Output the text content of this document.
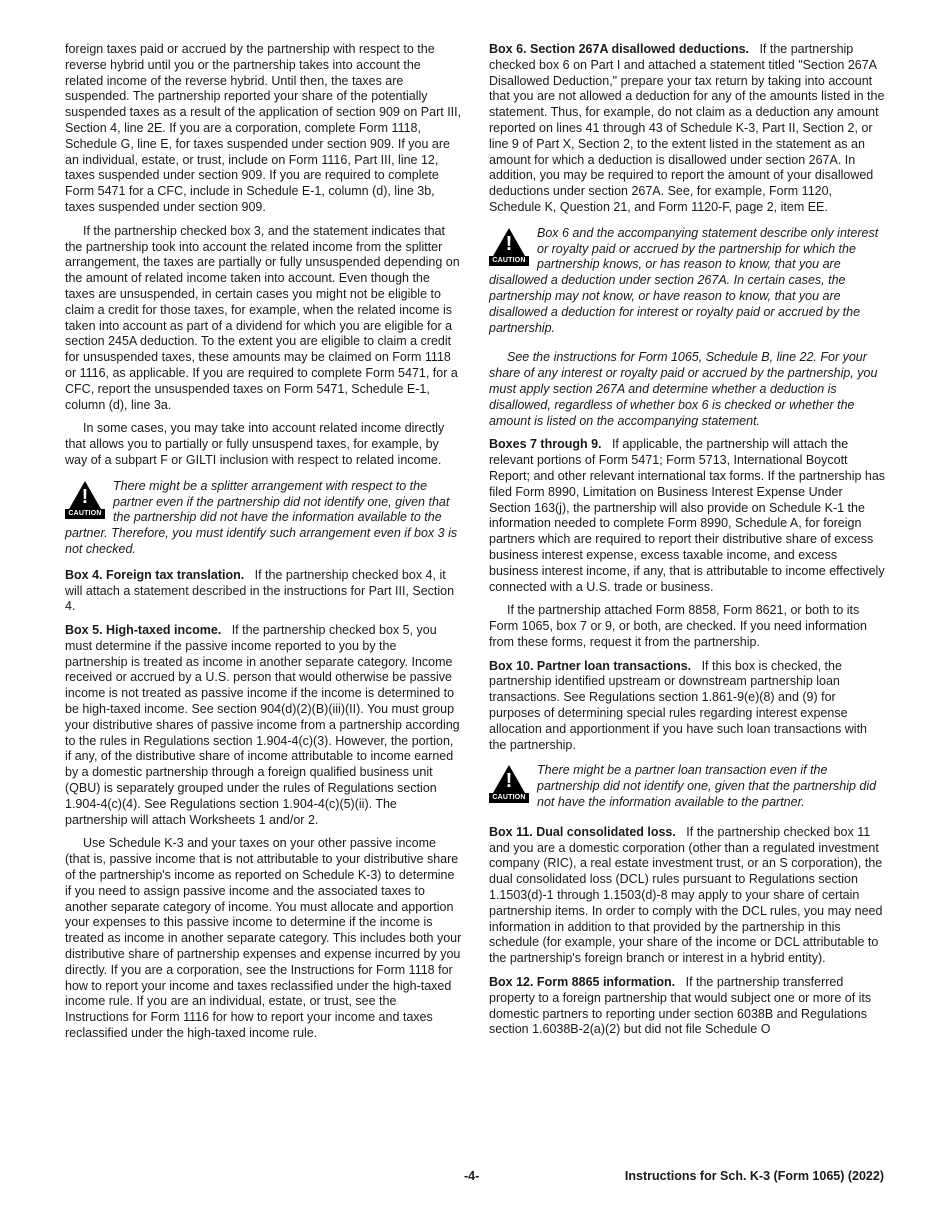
foreign taxes paid or accrued by the partnership with respect to the reverse hybrid until you or the partnership takes into account the related income of the reverse hybrid. Until then, the taxes are suspended. The partnership reported your share of the potentially suspended taxes as a result of the application of section 909 on Part III, Section 4, line 2E. If you are a corporation, complete Form 1118, Schedule G, line E, for taxes suspended under section 909. If you are an individual, estate, or trust, include on Form 1116, Part III, line 12, taxes suspended under section 909. If you are required to complete Form 5471 for a CFC, include in Schedule E-1, column (d), line 3b, taxes suspended under section 909.

If the partnership checked box 3, and the statement indicates that the partnership took into account the related income from the splitter arrangement, the taxes are partially or fully unsuspended depending on the amount of related income taken into account. Even though the taxes are unsuspended, in certain cases you might not be eligible to claim a credit for those taxes, for example, when the related income is taken into account as part of a dividend for which you are eligible for a section 245A deduction. To the extent you are eligible to claim a credit for unsuspended taxes, these amounts may be claimed on Form 1118 or 1116, as applicable. If you are required to complete Form 5471, for a CFC, report the unsuspended taxes on Form 5471, Schedule E-1, column (d), line 3a.

In some cases, you may take into account related income directly that allows you to partially or fully unsuspend taxes, for example, by way of a subpart F or GILTI inclusion with respect to related income.

!
CAUTION
There might be a splitter arrangement with respect to the partner even if the partnership did not identify one, given that the partnership did not have the information available to the partner. Therefore, you must identify such arrangement even if box 3 is not checked.

Box 4. Foreign tax translation. If the partnership checked box 4, it will attach a statement described in the instructions for Part III, Section 4.

Box 5. High-taxed income. If the partnership checked box 5, you must determine if the passive income reported to you by the partnership is treated as income in another separate category. Income received or accrued by a U.S. person that would otherwise be passive income is not treated as passive income if the income is determined to be high-taxed income. See section 904(d)(2)(B)(iii)(II). You must group your distributive shares of passive income from a partnership according to the rules in Regulations section 1.904-4(c)(3). However, the portion, if any, of the distributive share of income attributable to income earned by a domestic partnership through a foreign qualified business unit (QBU) is separately grouped under the rules of Regulations section 1.904-4(c)(4). See Regulations section 1.904-4(c)(5)(ii). The partnership will attach Worksheets 1 and/or 2.

Use Schedule K-3 and your taxes on your other passive income (that is, passive income that is not attributable to your distributive share of the partnership's income as reported on Schedule K-3) to determine if you need to assign passive income and the associated taxes to another separate category of income. You must allocate and apportion your expenses to this passive income to determine if the income is treated as income in another separate category. This includes both your distributive share of partnership expenses and expense incurred by you directly. If you are a corporation, see the Instructions for Form 1118 for how to report your income and taxes reclassified under the high-taxed income rule. If you are an individual, estate, or trust, see the Instructions for Form 1116 for how to report your income and taxes reclassified under the high-taxed income rule.

Box 6. Section 267A disallowed deductions. If the partnership checked box 6 on Part I and attached a statement titled "Section 267A Disallowed Deduction," prepare your tax return by taking into account that you are not allowed a deduction for any of the amounts listed in the statement. Thus, for example, do not claim as a deduction any amount reported on lines 41 through 43 of Schedule K-3, Part II, Section 2, or line 9 of Part X, Section 2, to the extent listed in the statement as an amount for which a deduction is disallowed under section 267A. In addition, you may be required to report the amount of your disallowed deductions under section 267A. See, for example, Form 1120, Schedule K, Question 21, and Form 1120-F, page 2, item EE.

!
CAUTION
Box 6 and the accompanying statement describe only interest or royalty paid or accrued by the partnership for which the partnership knows, or has reason to know, that you are disallowed a deduction under section 267A. In certain cases, the partnership may not know, or have reason to know, that you are disallowed a deduction for interest or royalty paid or accrued by the partnership.

See the instructions for Form 1065, Schedule B, line 22. For your share of any interest or royalty paid or accrued by the partnership, you must apply section 267A and determine whether a deduction is disallowed, regardless of whether box 6 is checked or whether the amount is listed on the accompanying statement.

Boxes 7 through 9. If applicable, the partnership will attach the relevant portions of Form 5471; Form 5713, International Boycott Report; and other relevant international tax forms. If the partnership has filed Form 8990, Limitation on Business Interest Expense Under Section 163(j), the partnership will also provide on Schedule K-1 the information needed to complete Form 8990, Schedule A, for foreign partners which are required to report their distributive share of excess business interest expense, excess taxable income, and excess business interest income, if any, that is attributable to income effectively connected with a U.S. trade or business.

If the partnership attached Form 8858, Form 8621, or both to its Form 1065, box 7 or 9, or both, are checked. If you need information from these forms, request it from the partnership.

Box 10. Partner loan transactions. If this box is checked, the partnership identified upstream or downstream partnership loan transactions. See Regulations section 1.861-9(e)(8) and (9) for purposes of determining special rules regarding interest expense allocation and apportionment if you have such loan transactions with the partnership.

!
CAUTION
There might be a partner loan transaction even if the partnership did not identify one, given that the partnership did not have the information available to the partner.

Box 11. Dual consolidated loss. If the partnership checked box 11 and you are a domestic corporation (other than a regulated investment company (RIC), a real estate investment trust, or an S corporation), the dual consolidated loss (DCL) rules pursuant to Regulations section 1.1503(d)-1 through 1.1503(d)-8 may apply to your share of certain partnership items. In order to comply with the DCL rules, you may need information in addition to that provided by the partnership in this schedule (for example, your share of the income or DCL attributable to the partnership's foreign branch or interest in a hybrid entity).

Box 12. Form 8865 information. If the partnership transferred property to a foreign partnership that would subject one or more of its domestic partners to reporting under section 6038B and Regulations section 1.6038B-2(a)(2) but did not file Schedule O

-4-	Instructions for Sch. K-3 (Form 1065) (2022)
